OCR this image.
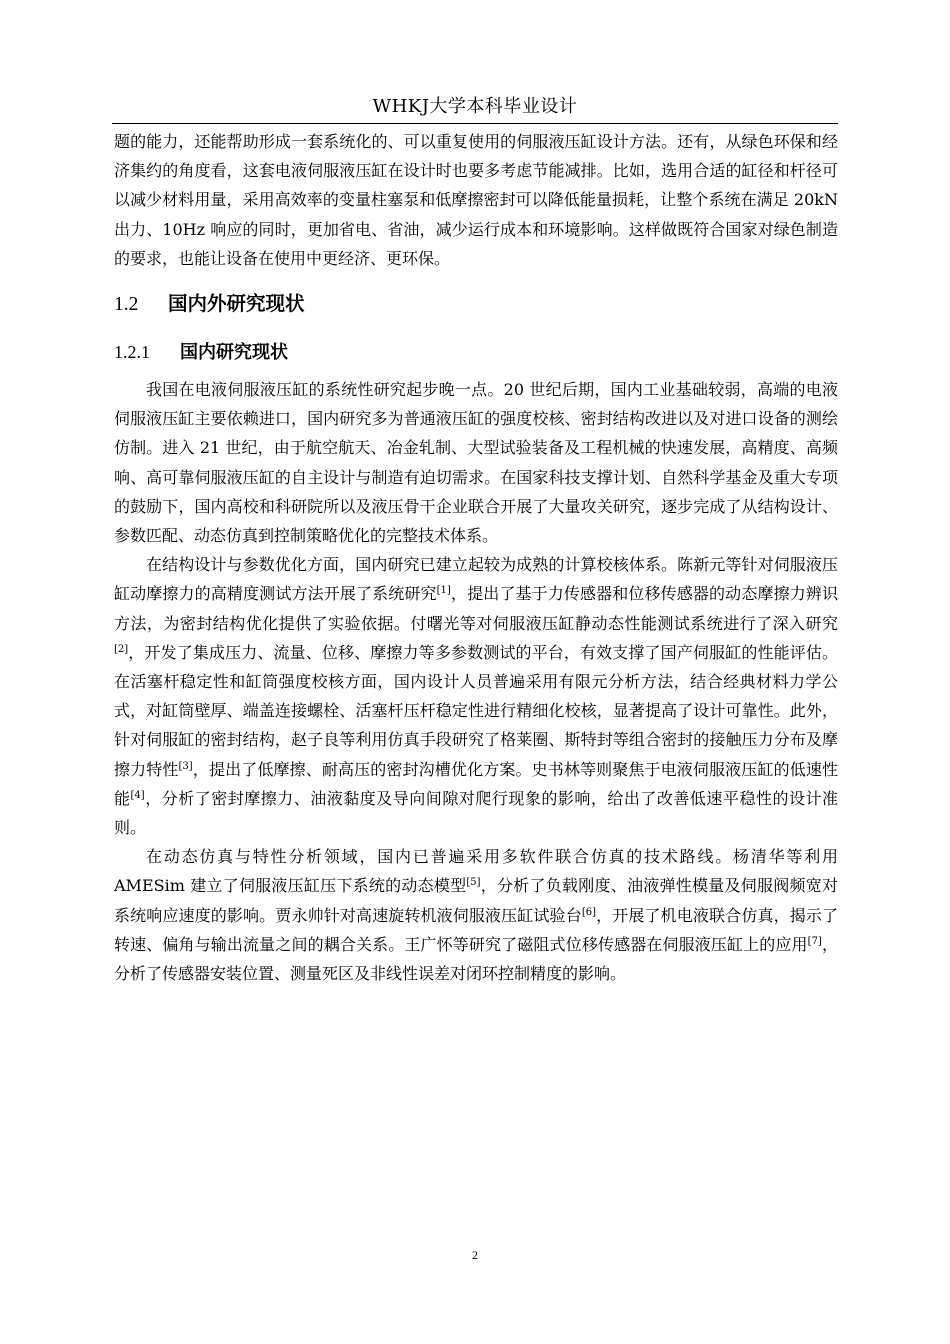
WHKJ大学本科毕业设计

题的能力，还能帮助形成一套系统化的、可以重复使用的伺服液压缸设计方法。还有，从绿色环保和经济集约的角度看，这套电液伺服液压缸在设计时也要多考虑节能减排。比如，选用合适的缸径和杆径可以减少材料用量，采用高效率的变量柱塞泵和低摩擦密封可以降低能量损耗，让整个系统在满足 20kN 出力、10Hz 响应的同时，更加省电、省油，减少运行成本和环境影响。这样做既符合国家对绿色制造的要求，也能让设备在使用中更经济、更环保。

1.2 国内外研究现状
1.2.1 国内研究现状

我国在电液伺服液压缸的系统性研究起步晚一点。20 世纪后期，国内工业基础较弱，高端的电液伺服液压缸主要依赖进口，国内研究多为普通液压缸的强度校核、密封结构改进以及对进口设备的测绘仿制。进入 21 世纪，由于航空航天、冶金轧制、大型试验装备及工程机械的快速发展，高精度、高频响、高可靠伺服液压缸的自主设计与制造有迫切需求。在国家科技支撑计划、自然科学基金及重大专项的鼓励下，国内高校和科研院所以及液压骨干企业联合开展了大量攻关研究，逐步完成了从结构设计、参数匹配、动态仿真到控制策略优化的完整技术体系。

在结构设计与参数优化方面，国内研究已建立起较为成熟的计算校核体系。陈新元等针对伺服液压缸动摩擦力的高精度测试方法开展了系统研究[1]，提出了基于力传感器和位移传感器的动态摩擦力辨识方法，为密封结构优化提供了实验依据。付曙光等对伺服液压缸静动态性能测试系统进行了深入研究[2]，开发了集成压力、流量、位移、摩擦力等多参数测试的平台，有效支撑了国产伺服缸的性能评估。在活塞杆稳定性和缸筒强度校核方面，国内设计人员普遍采用有限元分析方法，结合经典材料力学公式，对缸筒壁厚、端盖连接螺栓、活塞杆压杆稳定性进行精细化校核，显著提高了设计可靠性。此外，针对伺服缸的密封结构，赵子良等利用仿真手段研究了格莱圈、斯特封等组合密封的接触压力分布及摩擦力特性[3]，提出了低摩擦、耐高压的密封沟槽优化方案。史书林等则聚焦于电液伺服液压缸的低速性能[4]，分析了密封摩擦力、油液黏度及导向间隙对爬行现象的影响，给出了改善低速平稳性的设计准则。

在动态仿真与特性分析领域，国内已普遍采用多软件联合仿真的技术路线。杨清华等利用 AMESim 建立了伺服液压缸压下系统的动态模型[5]，分析了负载刚度、油液弹性模量及伺服阀频宽对系统响应速度的影响。贾永帅针对高速旋转机液伺服液压缸试验台[6]，开展了机电液联合仿真，揭示了转速、偏角与输出流量之间的耦合关系。王广怀等研究了磁阻式位移传感器在伺服液压缸上的应用[7]，分析了传感器安装位置、测量死区及非线性误差对闭环控制精度的影响。

2
